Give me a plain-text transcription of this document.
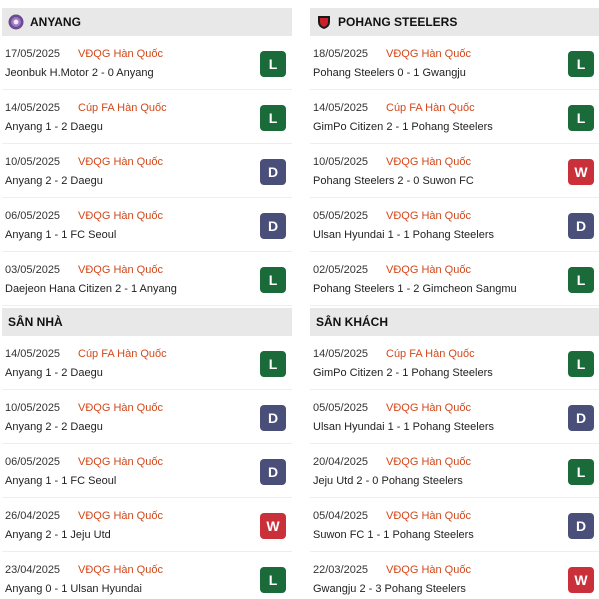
ANYANG
17/05/2025 VĐQG Hàn Quốc
Jeonbuk H.Motor 2 - 0 Anyang
L
14/05/2025 Cúp FA Hàn Quốc
Anyang 1 - 2 Daegu
L
10/05/2025 VĐQG Hàn Quốc
Anyang 2 - 2 Daegu
D
06/05/2025 VĐQG Hàn Quốc
Anyang 1 - 1 FC Seoul
D
03/05/2025 VĐQG Hàn Quốc
Daejeon Hana Citizen 2 - 1 Anyang
L
SÂN NHÀ
14/05/2025 Cúp FA Hàn Quốc
Anyang 1 - 2 Daegu
L
10/05/2025 VĐQG Hàn Quốc
Anyang 2 - 2 Daegu
D
06/05/2025 VĐQG Hàn Quốc
Anyang 1 - 1 FC Seoul
D
26/04/2025 VĐQG Hàn Quốc
Anyang 2 - 1 Jeju Utd
W
23/04/2025 VĐQG Hàn Quốc
Anyang 0 - 1 Ulsan Hyundai
L
POHANG STEELERS
18/05/2025 VĐQG Hàn Quốc
Pohang Steelers 0 - 1 Gwangju
L
14/05/2025 Cúp FA Hàn Quốc
GimPo Citizen 2 - 1 Pohang Steelers
L
10/05/2025 VĐQG Hàn Quốc
Pohang Steelers 2 - 0 Suwon FC
W
05/05/2025 VĐQG Hàn Quốc
Ulsan Hyundai 1 - 1 Pohang Steelers
D
02/05/2025 VĐQG Hàn Quốc
Pohang Steelers 1 - 2 Gimcheon Sangmu
L
SÂN KHÁCH
14/05/2025 Cúp FA Hàn Quốc
GimPo Citizen 2 - 1 Pohang Steelers
L
05/05/2025 VĐQG Hàn Quốc
Ulsan Hyundai 1 - 1 Pohang Steelers
D
20/04/2025 VĐQG Hàn Quốc
Jeju Utd 2 - 0 Pohang Steelers
L
05/04/2025 VĐQG Hàn Quốc
Suwon FC 1 - 1 Pohang Steelers
D
22/03/2025 VĐQG Hàn Quốc
Gwangju 2 - 3 Pohang Steelers
W
